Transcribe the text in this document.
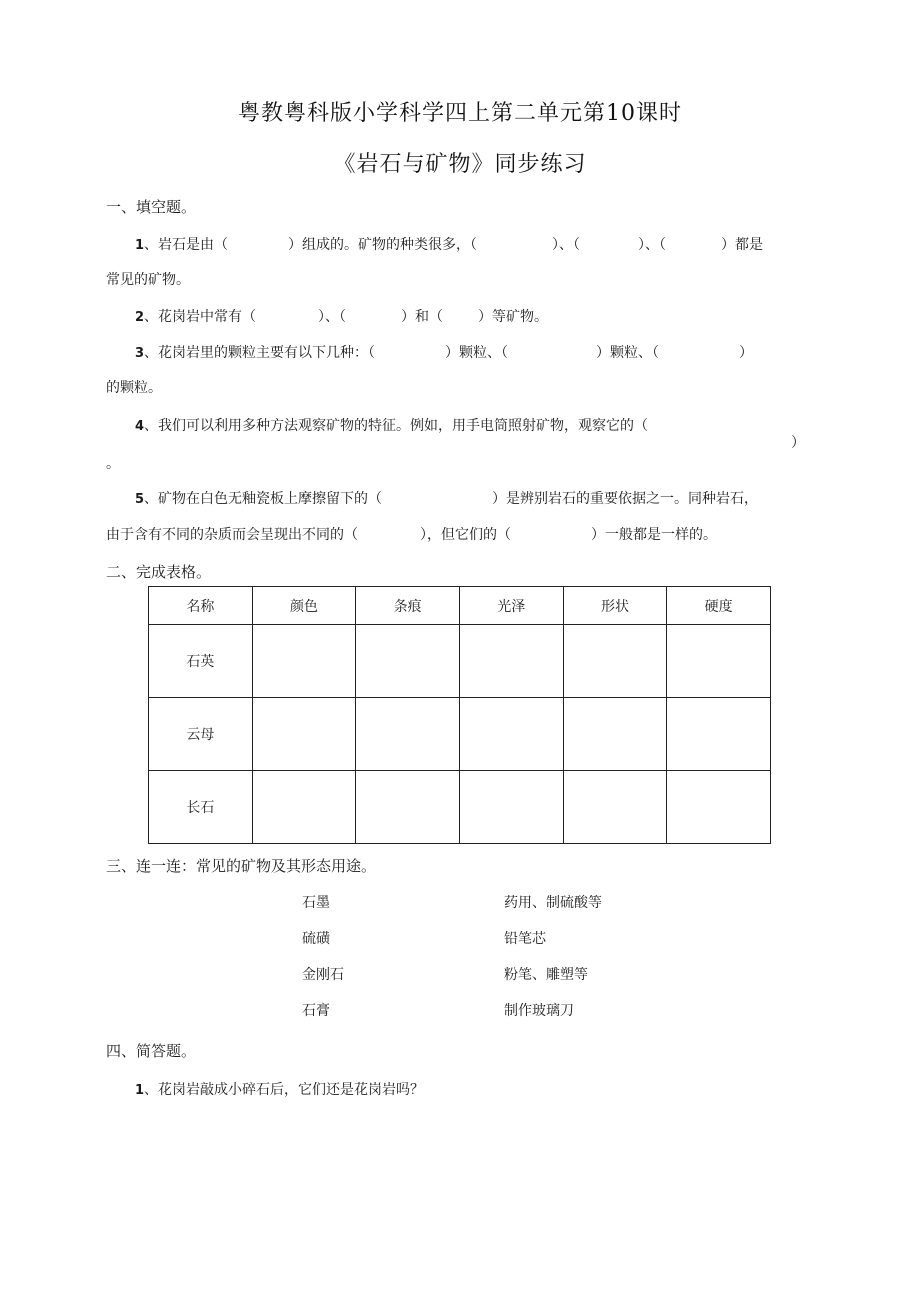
粤教粤科版小学科学四上第二单元第10课时
《岩石与矿物》同步练习
一、填空题。
1、岩石是由（	）组成的。矿物的种类很多，（	）、（	）、（	）都是
常见的矿物。
2、花岗岩中常有（	）、（	）和（	）等矿物。
3、花岗岩里的颗粒主要有以下几种：（	）颗粒、（	）颗粒、（	）
的颗粒。
4、我们可以利用多种方法观察矿物的特征。例如，用手电筒照射矿物，观察它的（
）
。
5、矿物在白色无釉瓷板上摩擦留下的（	）是辨别岩石的重要依据之一。同种岩石，
由于含有不同的杂质而会呈现出不同的（	），但它们的（	）一般都是一样的。
二、完成表格。
名称	颜色	条痕	光泽	形状	硬度
石英					
云母					
长石					
三、连一连：常见的矿物及其形态用途。
石墨	药用、制硫酸等
硫磺	铅笔芯
金刚石	粉笔、雕塑等
石膏	制作玻璃刀
四、简答题。
1、花岗岩敲成小碎石后，它们还是花岗岩吗？
